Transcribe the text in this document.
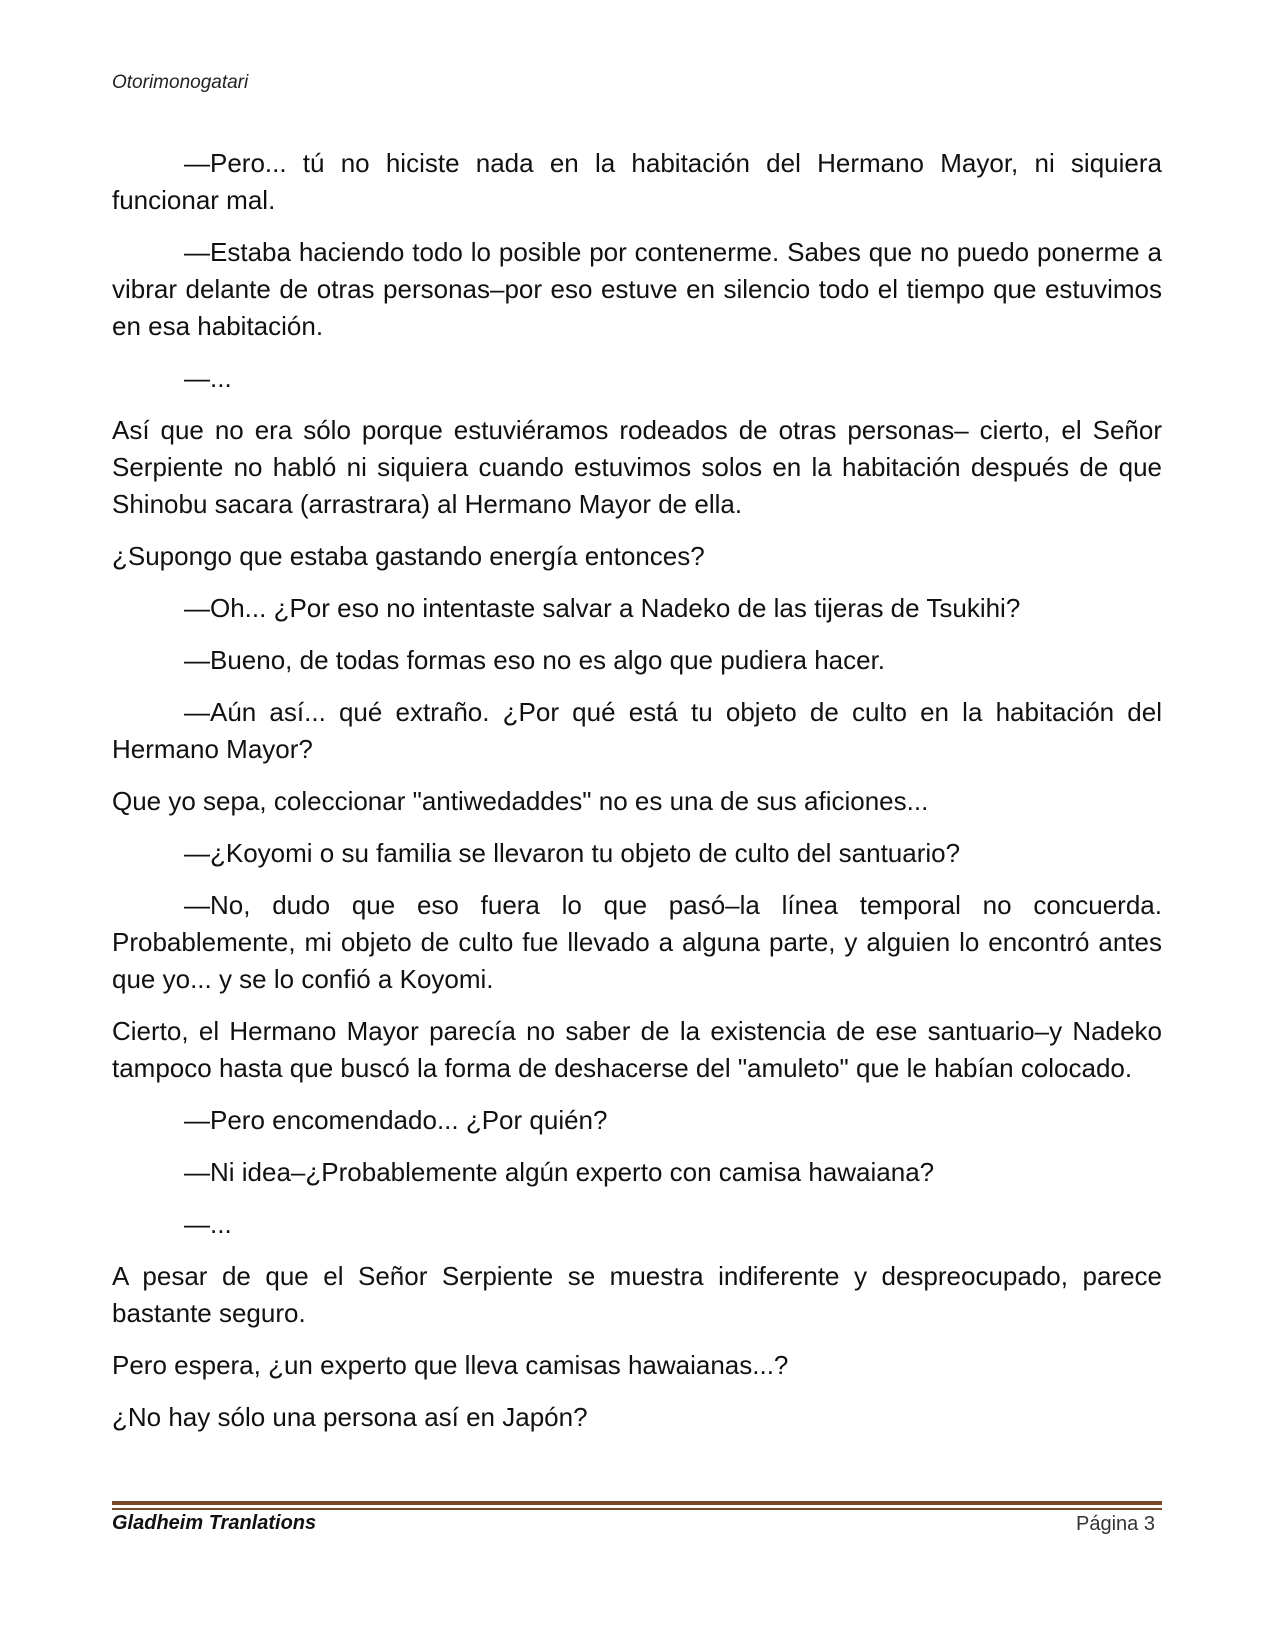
Otorimonogatari

—Pero... tú no hiciste nada en la habitación del Hermano Mayor, ni siquiera funcionar mal.

—Estaba haciendo todo lo posible por contenerme. Sabes que no puedo ponerme a vibrar delante de otras personas–por eso estuve en silencio todo el tiempo que estuvimos en esa habitación.

—...

Así que no era sólo porque estuviéramos rodeados de otras personas– cierto, el Señor Serpiente no habló ni siquiera cuando estuvimos solos en la habitación después de que Shinobu sacara (arrastrara) al Hermano Mayor de ella.

¿Supongo que estaba gastando energía entonces?

—Oh... ¿Por eso no intentaste salvar a Nadeko de las tijeras de Tsukihi?

—Bueno, de todas formas eso no es algo que pudiera hacer.

—Aún así... qué extraño. ¿Por qué está tu objeto de culto en la habitación del Hermano Mayor?

Que yo sepa, coleccionar "antiwedaddes" no es una de sus aficiones...

—¿Koyomi o su familia se llevaron tu objeto de culto del santuario?

—No, dudo que eso fuera lo que pasó–la línea temporal no concuerda. Probablemente, mi objeto de culto fue llevado a alguna parte, y alguien lo encontró antes que yo... y se lo confió a Koyomi.

Cierto, el Hermano Mayor parecía no saber de la existencia de ese santuario–y Nadeko tampoco hasta que buscó la forma de deshacerse del "amuleto" que le habían colocado.

—Pero encomendado... ¿Por quién?

—Ni idea–¿Probablemente algún experto con camisa hawaiana?

—...

A pesar de que el Señor Serpiente se muestra indiferente y despreocupado, parece bastante seguro.

Pero espera, ¿un experto que lleva camisas hawaianas...?

¿No hay sólo una persona así en Japón?

Gladheim Tranlations	Página 3
